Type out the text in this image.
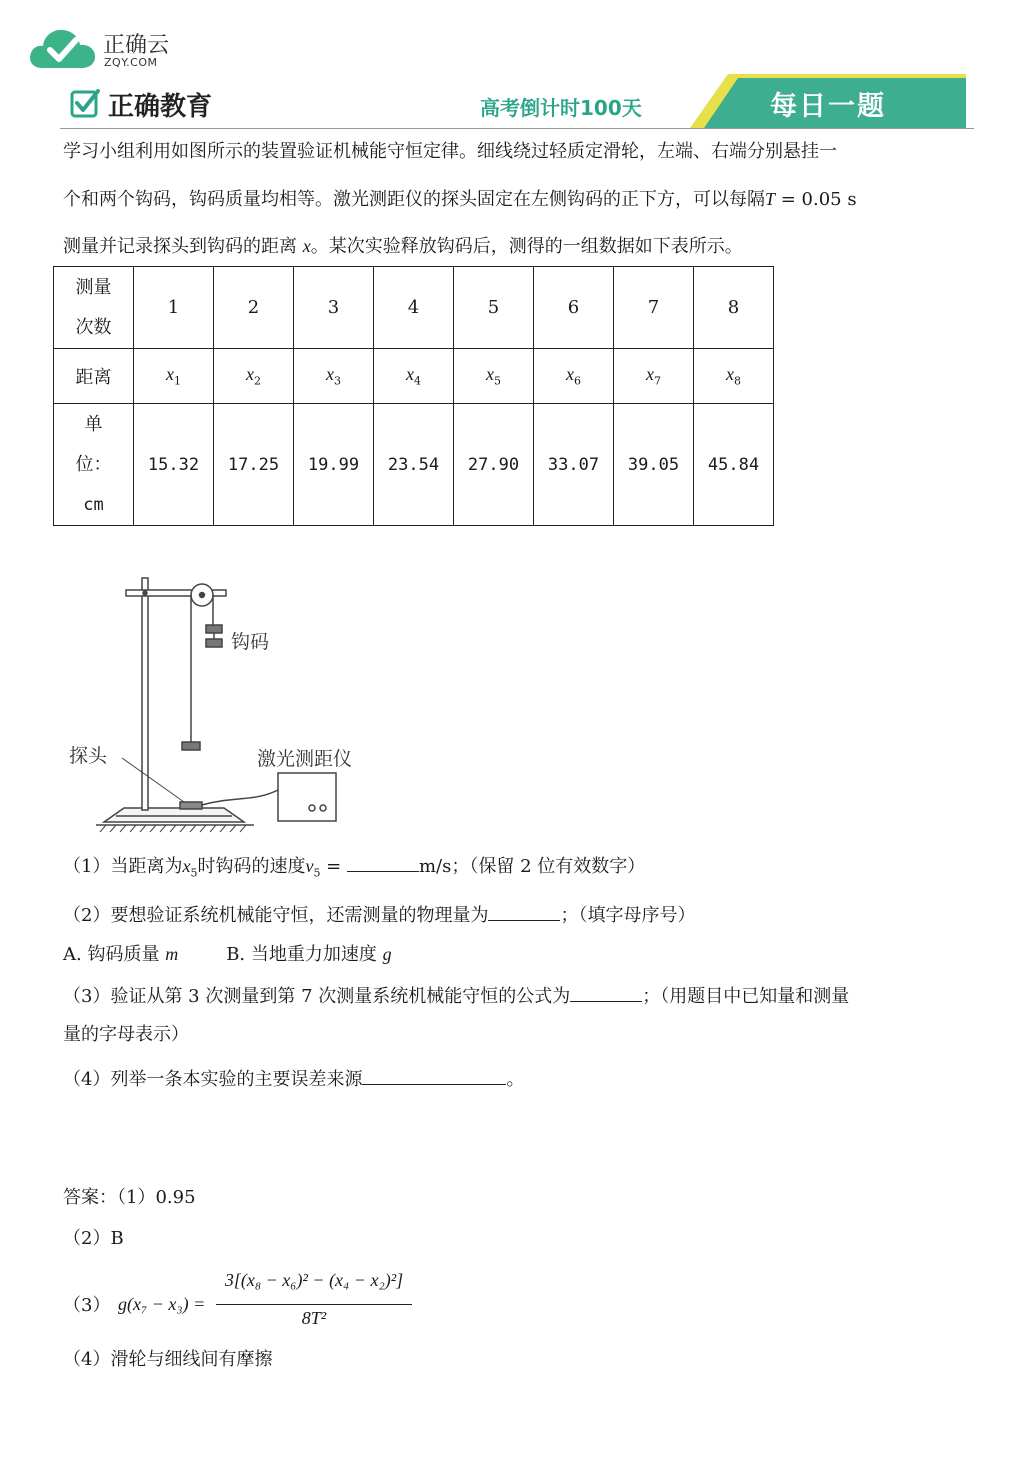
正确云
ZQY.COM
正确教育	高考倒计时100天	每日一题
学习小组利用如图所示的装置验证机械能守恒定律。细线绕过轻质定滑轮，左端、右端分别悬挂一
个和两个钩码，钩码质量均相等。激光测距仪的探头固定在左侧钩码的正下方，可以每隔T = 0.05 s
测量并记录探头到钩码的距离 x。某次实验释放钩码后，测得的一组数据如下表所示。
测量
次数	1	2	3	4	5	6	7	8
距离	$x_1$	$x_2$	$x_3$	$x_4$	$x_5$	$x_6$	$x_7$	$x_8$
单
位：
cm	15.32	17.25	19.99	23.54	27.90	33.07	39.05	45.84
钩码
探头	激光测距仪
（1）当距离为$x_5$时钩码的速度$v_5$ =	m/s；（保留 2 位有效数字）
（2）要想验证系统机械能守恒，还需测量的物理量为	；（填字母序号）
A. 钩码质量 m	B. 当地重力加速度 g
（3）验证从第 3 次测量到第 7 次测量系统机械能守恒的公式为	；（用题目中已知量和测量
量的字母表示）
（4）列举一条本实验的主要误差来源	。
答案：（1）0.95
（2）B
（3） g(x₇ − x₃) =
3[(x₈ − x₆)² − (x₄ − x₂)²]
8T²
（4）滑轮与细线间有摩擦
